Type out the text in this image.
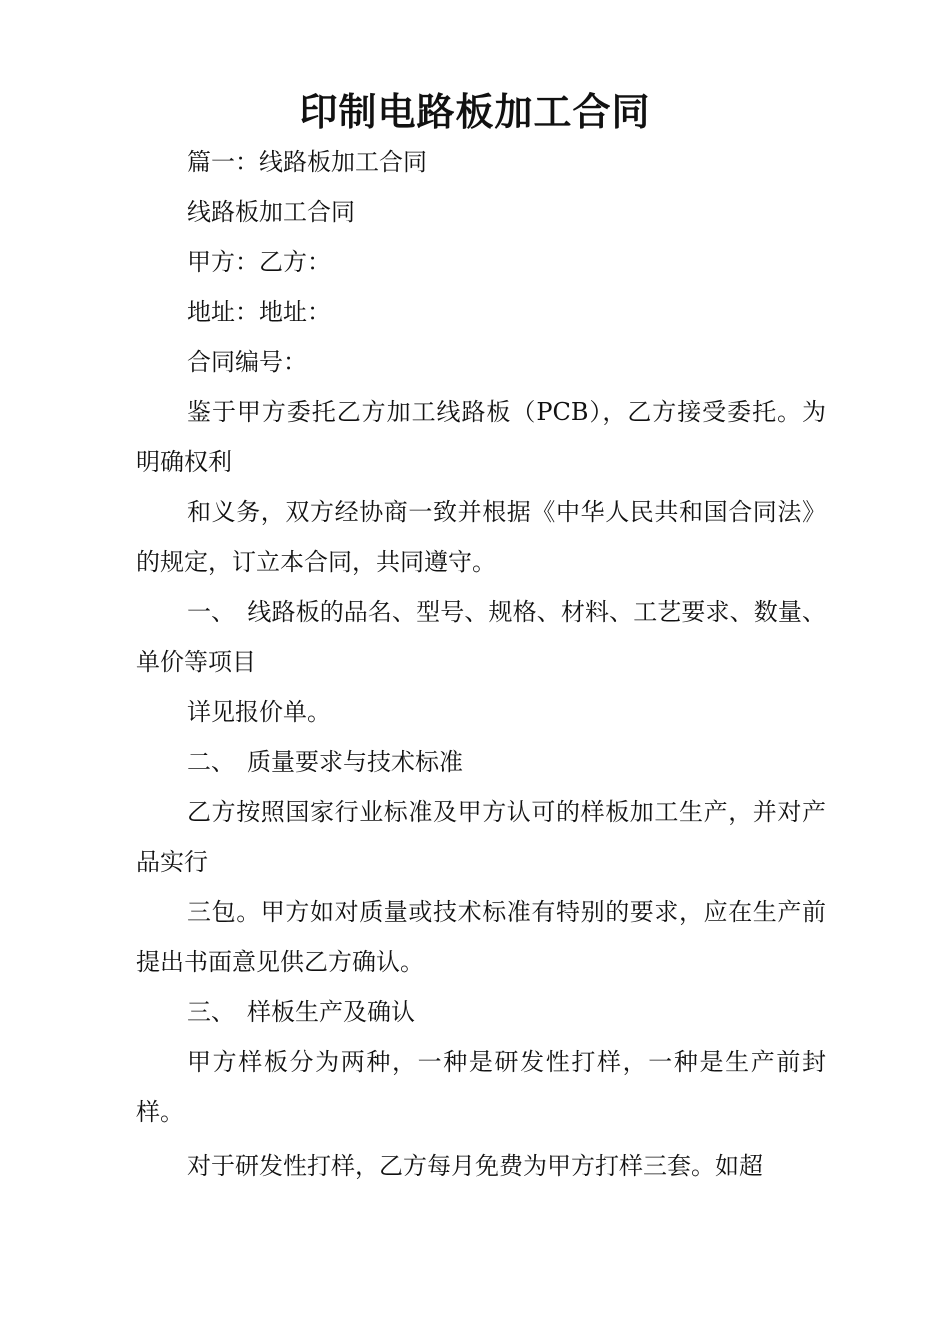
印制电路板加工合同

篇一：线路板加工合同

线路板加工合同

甲方：乙方：

地址：地址：

合同编号：

鉴于甲方委托乙方加工线路板（PCB），乙方接受委托。为明确权利

和义务，双方经协商一致并根据《中华人民共和国合同法》的规定，订立本合同，共同遵守。

一、　线路板的品名、型号、规格、材料、工艺要求、数量、单价等项目

详见报价单。

二、　质量要求与技术标准

乙方按照国家行业标准及甲方认可的样板加工生产，并对产品实行

三包。甲方如对质量或技术标准有特别的要求，应在生产前提出书面意见供乙方确认。

三、　样板生产及确认

甲方样板分为两种，一种是研发性打样，一种是生产前封样。

对于研发性打样，乙方每月免费为甲方打样三套。如超
